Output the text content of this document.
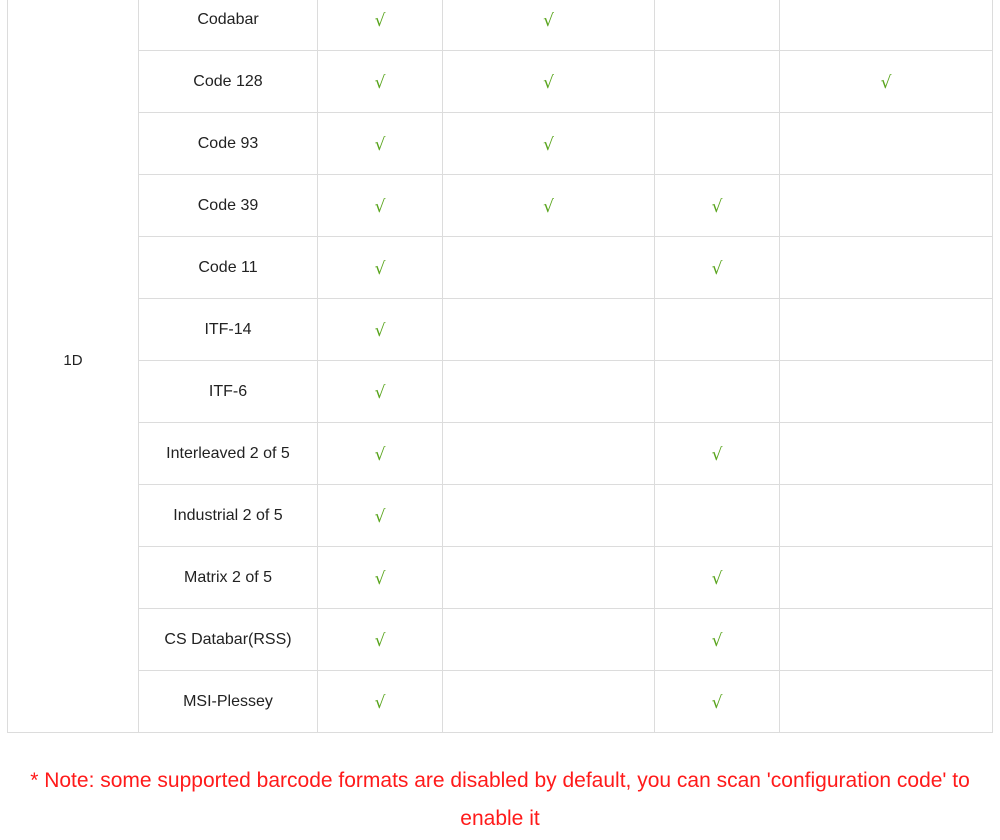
1D	Codabar	√	√		
	Code 128	√	√		√
	Code 93	√	√		
	Code 39	√	√	√	
	Code 11	√		√	
	ITF-14	√			
	ITF-6	√			
	Interleaved 2 of 5	√		√	
	Industrial 2 of 5	√			
	Matrix 2 of 5	√		√	
	CS Databar(RSS)	√		√	
	MSI-Plessey	√		√	
* Note: some supported barcode formats are disabled by default, you can scan 'configuration code' to enable it
